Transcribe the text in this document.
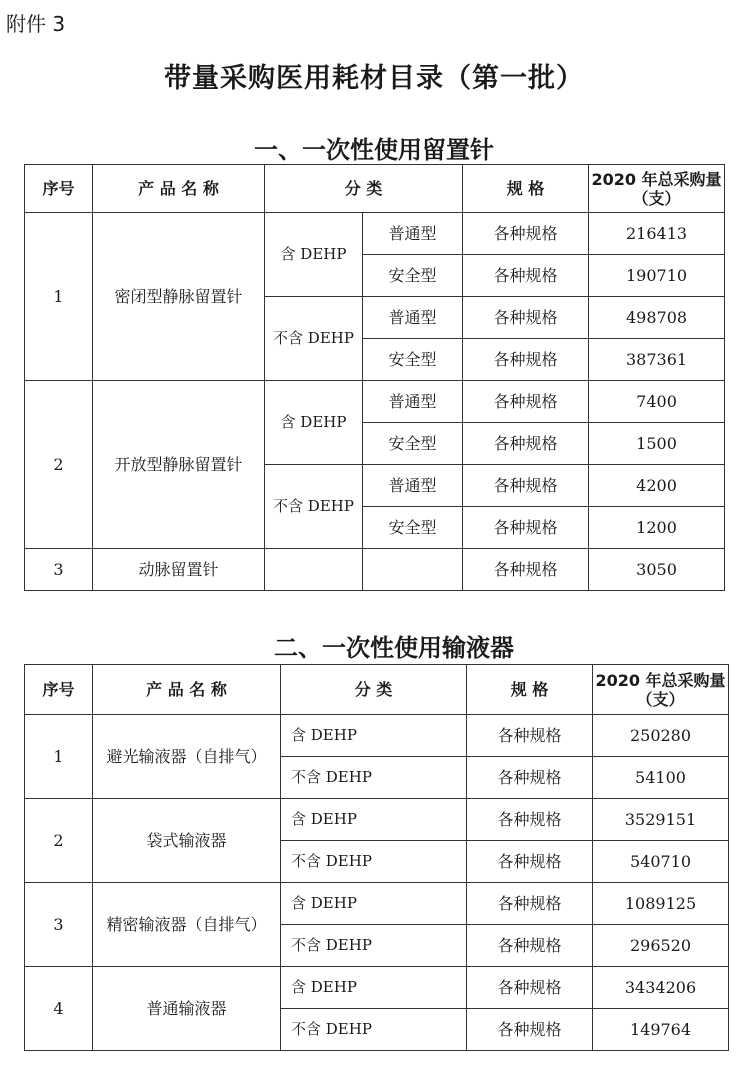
附件 3
带量采购医用耗材目录（第一批）
一、一次性使用留置针
序号	产 品 名 称	分 类		规 格	2020 年总采购量（支）
1	密闭型静脉留置针	含 DEHP	普通型	各种规格	216413
			安全型	各种规格	190710
		不含 DEHP	普通型	各种规格	498708
			安全型	各种规格	387361
2	开放型静脉留置针	含 DEHP	普通型	各种规格	7400
			安全型	各种规格	1500
		不含 DEHP	普通型	各种规格	4200
			安全型	各种规格	1200
3	动脉留置针			各种规格	3050
二、一次性使用输液器
序号	产 品 名 称	分 类	规 格	2020 年总采购量（支）
1	避光输液器（自排气）	含 DEHP	各种规格	250280
		不含 DEHP	各种规格	54100
2	袋式输液器	含 DEHP	各种规格	3529151
		不含 DEHP	各种规格	540710
3	精密输液器（自排气）	含 DEHP	各种规格	1089125
		不含 DEHP	各种规格	296520
4	普通输液器	含 DEHP	各种规格	3434206
		不含 DEHP	各种规格	149764
